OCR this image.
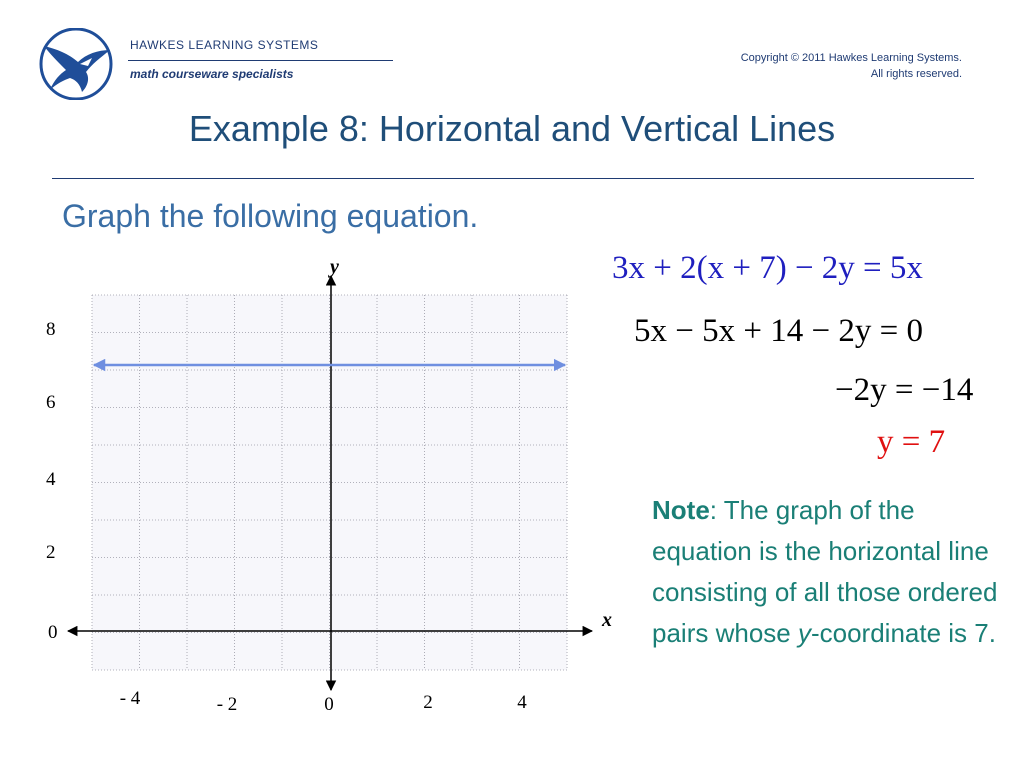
HAWKES LEARNING SYSTEMS
math courseware specialists
Copyright © 2011 Hawkes Learning Systems.
All rights reserved.
Example 8: Horizontal and Vertical Lines
Graph the following equation.
x
y
- 4	- 2	0	2	4
0
2
4
6
8
3x + 2(x + 7) − 2y = 5x
5x − 5x + 14 − 2y = 0
−2y = −14
y = 7
Note: The graph of the equation is the horizontal line consisting of all those ordered pairs whose y-coordinate is 7.
